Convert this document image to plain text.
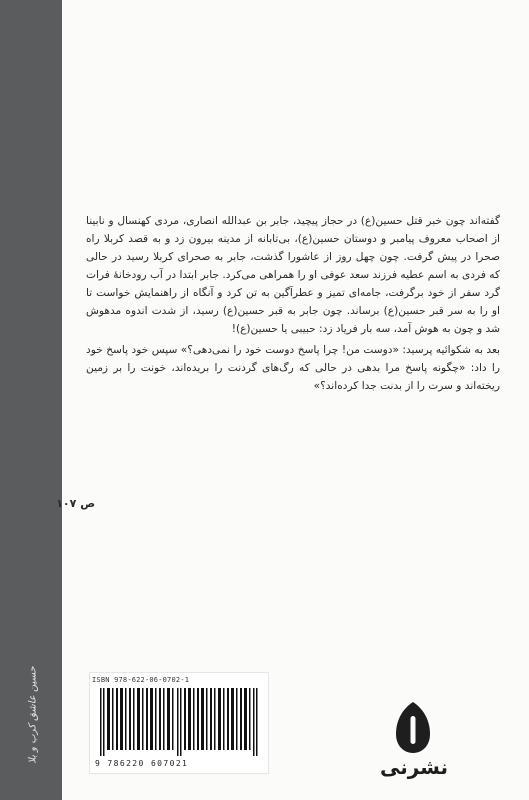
حسین عاشق کرب و بلا

گفته‌اند چون خبر قتل حسین(ع) در حجاز پیچید، جابر بن عبدالله انصاری، مردی کهنسال و نابینا از اصحاب معروف پیامبر و دوستان حسین(ع)، بی‌تابانه از مدینه بیرون زد و به قصد کربلا راه صحرا در پیش گرفت. چون چهل روز از عاشورا گذشت، جابر به صحرای کربلا رسید در حالی که فردی به اسم عطیه فرزند سعد عوفی او را همراهی می‌کرد. جابر ابتدا در آب رودخانهٔ فرات گرد سفر از خود برگرفت، جامه‌ای تمیز و عطرآگین به تن کرد و آنگاه از راهنمایش خواست تا او را به سر قبر حسین(ع) برساند. چون جابر به قبر حسین(ع) رسید، از شدت اندوه مدهوش شد و چون به هوش آمد، سه بار فریاد زد: حبیبی یا حسین(ع)!

بعد به شکوائیه پرسید: «دوست من! چرا پاسخ دوست خود را نمی‌دهی؟» سپس خود پاسخ خود را داد: «چگونه پاسخ مرا بدهی در حالی که رگ‌های گردنت را بریده‌اند، خونت را بر زمین ریخته‌اند و سرت را از بدنت جدا کرده‌اند؟»

ص ۱۰۷
ISBN 978-622-06-0702-1
9 786220 607021	نشرنی
